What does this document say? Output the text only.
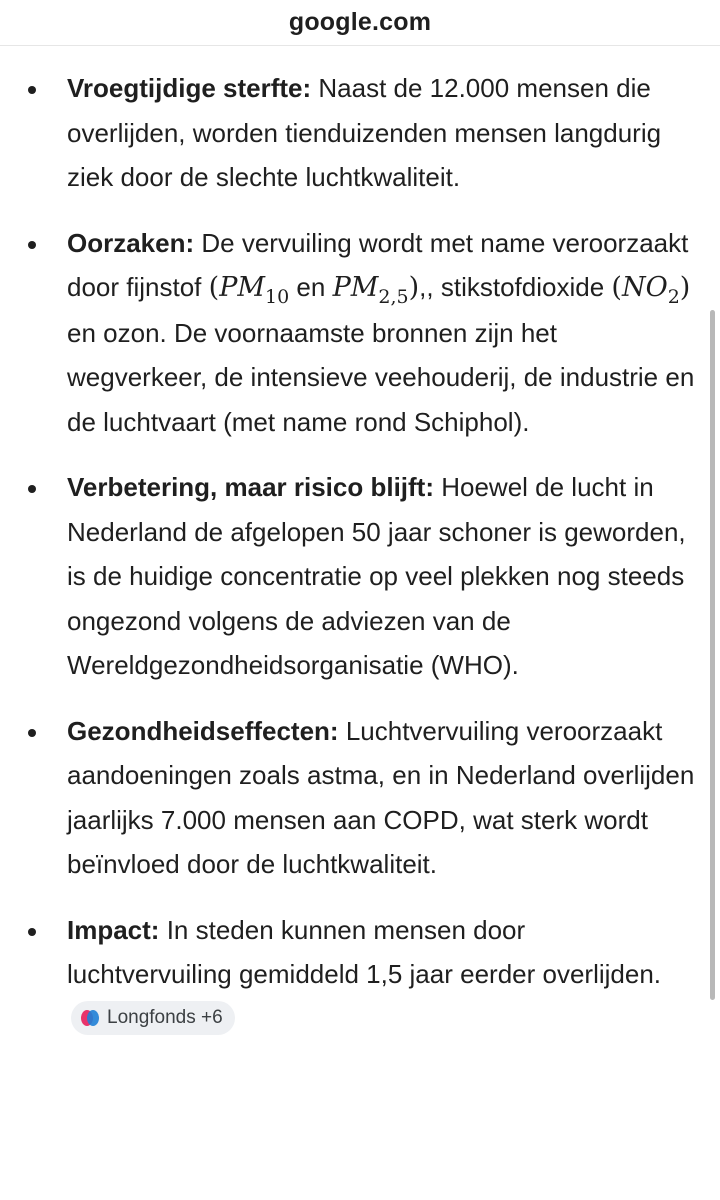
google.com
Vroegtijdige sterfte: Naast de 12.000 mensen die overlijden, worden tienduizenden mensen langdurig ziek door de slechte luchtkwaliteit.
Oorzaken: De vervuiling wordt met name veroorzaakt door fijnstof ($PM_{10}$ en $PM_{2,5}$),, stikstofdioxide $(NO_2)$ en ozon. De voornaamste bronnen zijn het wegverkeer, de intensieve veehouderij, de industrie en de luchtvaart (met name rond Schiphol).
Verbetering, maar risico blijft: Hoewel de lucht in Nederland de afgelopen 50 jaar schoner is geworden, is de huidige concentratie op veel plekken nog steeds ongezond volgens de adviezen van de Wereldgezondheidsorganisatie (WHO).
Gezondheidseffecten: Luchtvervuiling veroorzaakt aandoeningen zoals astma, en in Nederland overlijden jaarlijks 7.000 mensen aan COPD, wat sterk wordt beïnvloed door de luchtkwaliteit.
Impact: In steden kunnen mensen door luchtvervuiling gemiddeld 1,5 jaar eerder overlijden.
Longfonds +6
